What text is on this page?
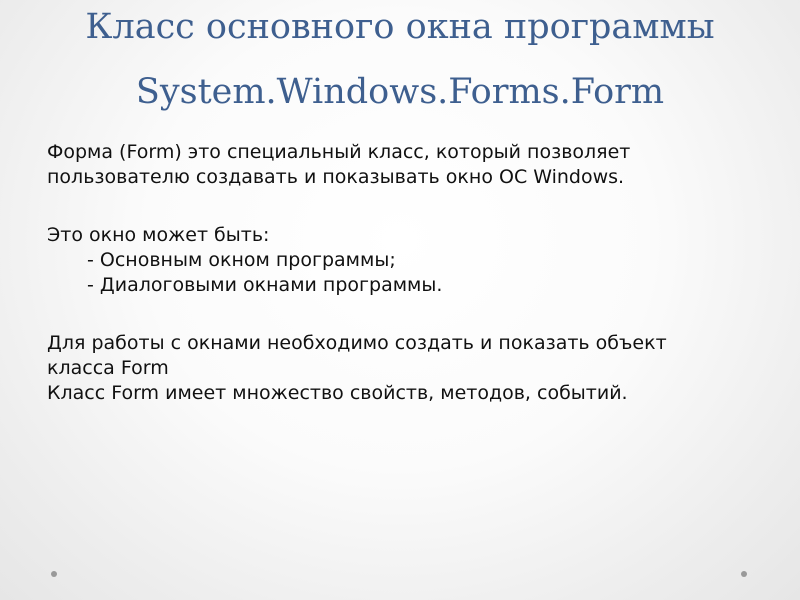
Класс основного окна программы
System.Windows.Forms.Form

Форма (Form) это специальный класс, который позволяет

пользователю создавать и показывать окно ОС Windows.

Это окно может быть:

- Основным окном программы;

- Диалоговыми окнами программы.

Для работы с окнами необходимо создать и показать объект

класса Form

Класс Form имеет множество свойств, методов, событий.
